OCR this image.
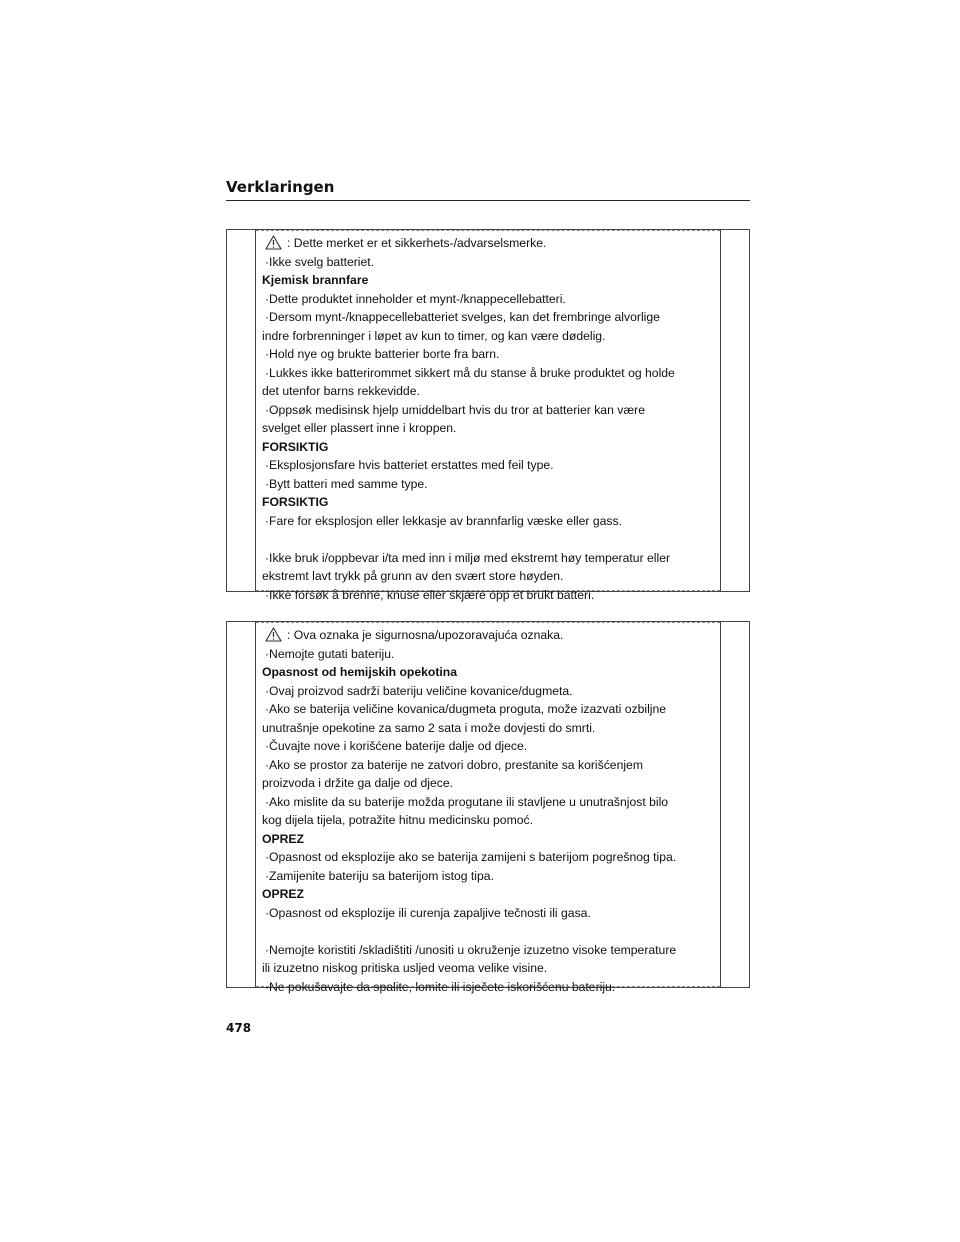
Verklaringen
: Dette merket er et sikkerhets-/advarselsmerke.
·Ikke svelg batteriet.
Kjemisk brannfare
·Dette produktet inneholder et mynt-/knappecellebatteri.
·Dersom mynt-/knappecellebatteriet svelges, kan det frembringe alvorlige
indre forbrenninger i løpet av kun to timer, og kan være dødelig.
·Hold nye og brukte batterier borte fra barn.
·Lukkes ikke batterirommet sikkert må du stanse å bruke produktet og holde
det utenfor barns rekkevidde.
·Oppsøk medisinsk hjelp umiddelbart hvis du tror at batterier kan være
svelget eller plassert inne i kroppen.
FORSIKTIG
·Eksplosjonsfare hvis batteriet erstattes med feil type.
·Bytt batteri med samme type.
FORSIKTIG
·Fare for eksplosjon eller lekkasje av brannfarlig væske eller gass.
·Ikke bruk i/oppbevar i/ta med inn i miljø med ekstremt høy temperatur eller
ekstremt lavt trykk på grunn av den svært store høyden.
·Ikke forsøk å brenne, knuse eller skjære opp et brukt batteri.
: Ova oznaka je sigurnosna/upozoravajuća oznaka.
·Nemojte gutati bateriju.
Opasnost od hemijskih opekotina
·Ovaj proizvod sadrži bateriju veličine kovanice/dugmeta.
·Ako se baterija veličine kovanica/dugmeta proguta, može izazvati ozbiljne
unutrašnje opekotine za samo 2 sata i može dovjesti do smrti.
·Čuvajte nove i korišćene baterije dalje od djece.
·Ako se prostor za baterije ne zatvori dobro, prestanite sa korišćenjem
proizvoda i držite ga dalje od djece.
·Ako mislite da su baterije možda progutane ili stavljene u unutrašnjost bilo
kog dijela tijela, potražite hitnu medicinsku pomoć.
OPREZ
·Opasnost od eksplozije ako se baterija zamijeni s baterijom pogrešnog tipa.
·Zamijenite bateriju sa baterijom istog tipa.
OPREZ
·Opasnost od eksplozije ili curenja zapaljive tečnosti ili gasa.
·Nemojte koristiti /skladištiti /unositi u okruženje izuzetno visoke temperature
ili izuzetno niskog pritiska usljed veoma velike visine.
·Ne pokušavajte da spalite, lomite ili isječete iskorišćenu bateriju.
478
